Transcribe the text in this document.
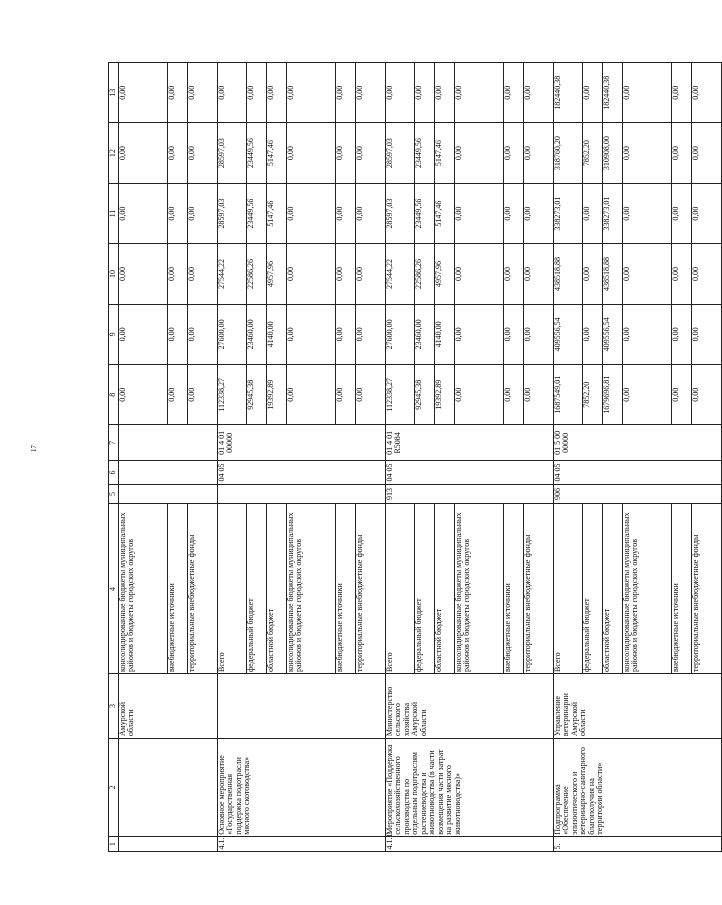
17
1	2	3	4	5	6	7	8	9	10	11	12	13
		Амурской области	консолидированные бюджеты муниципальных районов и бюджеты городских округов				0,00	0,00	0,00	0,00	0,00	0,00
			внебюджетные источники				0,00	0,00	0,00	0,00	0,00	0,00
			территориальные внебюджетные фонды				0,00	0,00	0,00	0,00	0,00	0,00
4.1.	Основное мероприятие «Государственная поддержка подотрасли мясного скотоводства»		Всего		04 05	01 4 01 00000	112338,27	27600,00	27544,22	28597,03	28597,03	0,00
			федеральный бюджет				92945,38	23460,00	22586,26	23449,56	23449,56	0,00
			областной бюджет				19392,89	4140,00	4957,96	5147,46	5147,46	0,00
			консолидированные бюджеты муниципальных районов и бюджеты городских округов				0,00	0,00	0,00	0,00	0,00	0,00
			внебюджетные источники				0,00	0,00	0,00	0,00	0,00	0,00
			территориальные внебюджетные фонды				0,00	0,00	0,00	0,00	0,00	0,00
4.1.1.	Мероприятие «Поддержка сельскохозяйственного производства по отдельным подотраслям растениеводства и животноводства (в части возмещения части затрат на развитие мясного животноводства)»	Министерство сельского хозяйства Амурской области	Всего	913	04 05	01 4 01 R5084	112338,27	27600,00	27544,22	28597,03	28597,03	0,00
			федеральный бюджет				92945,38	23460,00	22586,26	23449,56	23449,56	0,00
			областной бюджет				19392,89	4140,00	4957,96	5147,46	5147,46	0,00
			консолидированные бюджеты муниципальных районов и бюджеты городских округов				0,00	0,00	0,00	0,00	0,00	0,00
			внебюджетные источники				0,00	0,00	0,00	0,00	0,00	0,00
			территориальные внебюджетные фонды				0,00	0,00	0,00	0,00	0,00	0,00
5.	Подпрограмма «Обеспечение эпизоотического и ветеринарно-санитарного благополучия на территории области»	Управление ветеринарии Амурской области	Всего	906	04 05	01 5 00 00000	1687549,01	409556,54	438518,88	338273,01	318760,20	182440,38
			федеральный бюджет				7852,20	0,00	0,00	0,00	7852,20	0,00
			областной бюджет				1679696,81	409556,54	438518,88	338273,01	310908,00	182440,38
			консолидированные бюджеты муниципальных районов и бюджеты городских округов				0,00	0,00	0,00	0,00	0,00	0,00
			внебюджетные источники				0,00	0,00	0,00	0,00	0,00	0,00
			территориальные внебюджетные фонды				0,00	0,00	0,00	0,00	0,00	0,00
